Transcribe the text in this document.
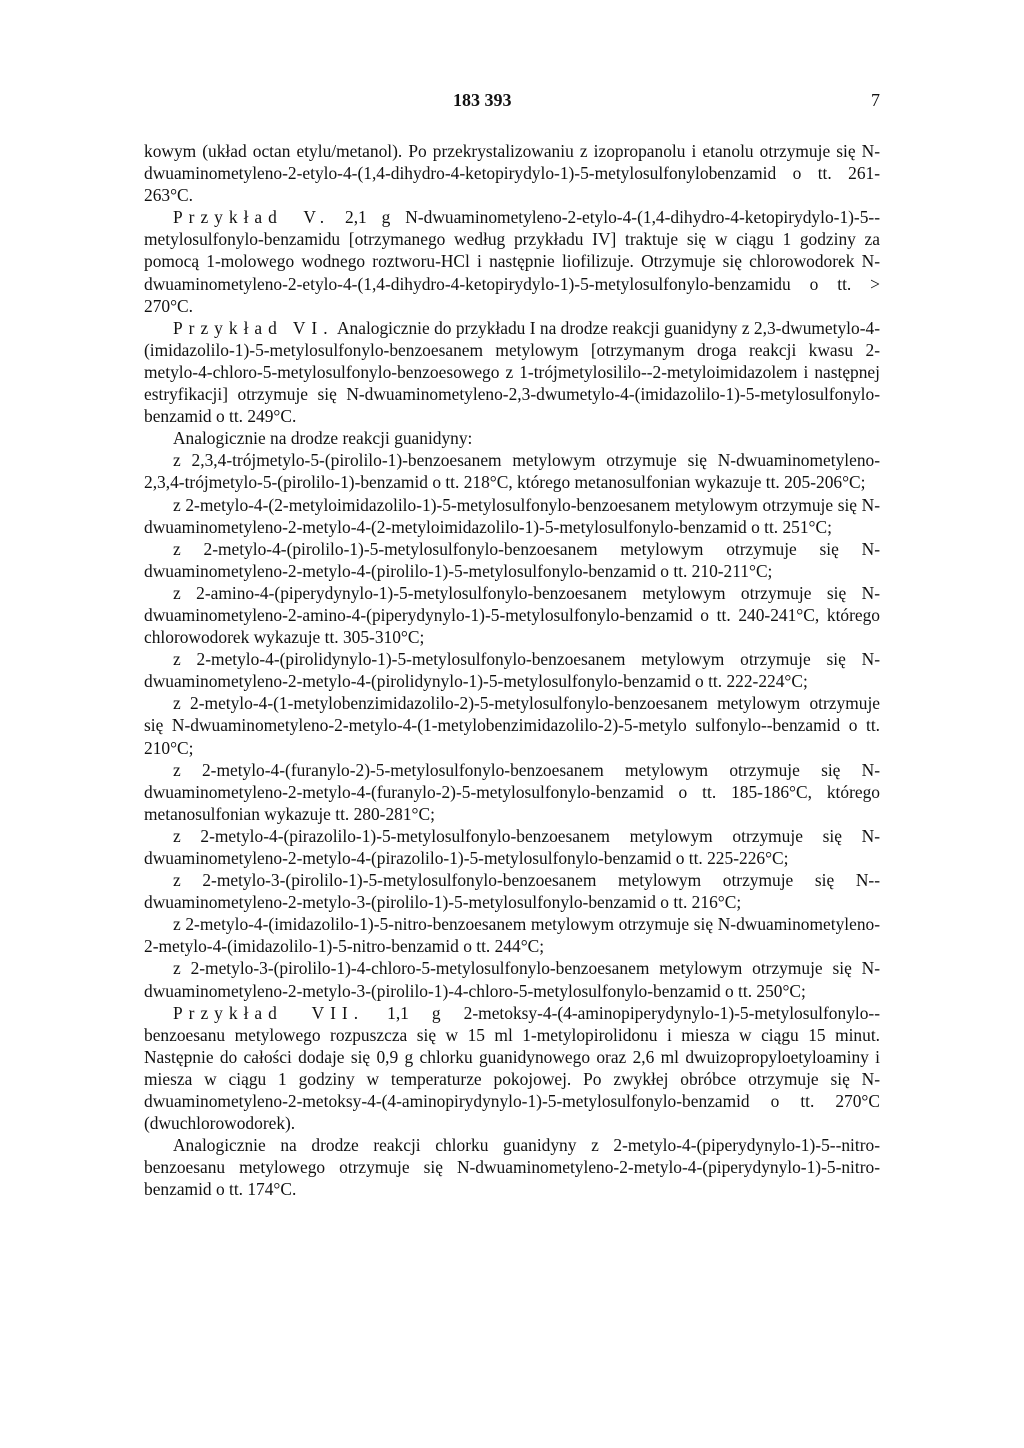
183 393	7

kowym (układ octan etylu/metanol). Po przekrystalizowaniu z izopropanolu i etanolu otrzymuje się N-dwuaminometyleno-2-etylo-4-(1,4-dihydro-4-ketopirydylo-1)-5-metylosulfonylobenzamid o tt. 261-263°C.

Przykład V. 2,1 g N-dwuaminometyleno-2-etylo-4-(1,4-dihydro-4-ketopirydylo-1)-5--metylosulfonylo-benzamidu [otrzymanego według przykładu IV] traktuje się w ciągu 1 godziny za pomocą 1-molowego wodnego roztworu-HCl i następnie liofilizuje. Otrzymuje się chlorowodorek N-dwuaminometyleno-2-etylo-4-(1,4-dihydro-4-ketopirydylo-1)-5-metylosulfonylo-benzamidu o tt. > 270°C.

Przykład VI. Analogicznie do przykładu I na drodze reakcji guanidyny z 2,3-dwumetylo-4-(imidazolilo-1)-5-metylosulfonylo-benzoesanem metylowym [otrzymanym droga reakcji kwasu 2-metylo-4-chloro-5-metylosulfonylo-benzoesowego z 1-trójmetylosililo--2-metyloimidazolem i następnej estryfikacji] otrzymuje się N-dwuaminometyleno-2,3-dwumetylo-4-(imidazolilo-1)-5-metylosulfonylo-benzamid o tt. 249°C.

Analogicznie na drodze reakcji guanidyny:

z 2,3,4-trójmetylo-5-(pirolilo-1)-benzoesanem metylowym otrzymuje się N-dwuaminometyleno-2,3,4-trójmetylo-5-(pirolilo-1)-benzamid o tt. 218°C, którego metanosulfonian wykazuje tt. 205-206°C;

z 2-metylo-4-(2-metyloimidazolilo-1)-5-metylosulfonylo-benzoesanem metylowym otrzymuje się N-dwuaminometyleno-2-metylo-4-(2-metyloimidazolilo-1)-5-metylosulfonylo-benzamid o tt. 251°C;

z 2-metylo-4-(pirolilo-1)-5-metylosulfonylo-benzoesanem metylowym otrzymuje się N-dwuaminometyleno-2-metylo-4-(pirolilo-1)-5-metylosulfonylo-benzamid o tt. 210-211°C;

z 2-amino-4-(piperydynylo-1)-5-metylosulfonylo-benzoesanem metylowym otrzymuje się N-dwuaminometyleno-2-amino-4-(piperydynylo-1)-5-metylosulfonylo-benzamid o tt. 240-241°C, którego chlorowodorek wykazuje tt. 305-310°C;

z 2-metylo-4-(pirolidynylo-1)-5-metylosulfonylo-benzoesanem metylowym otrzymuje się N-dwuaminometyleno-2-metylo-4-(pirolidynylo-1)-5-metylosulfonylo-benzamid o tt. 222-224°C;

z 2-metylo-4-(1-metylobenzimidazolilo-2)-5-metylosulfonylo-benzoesanem metylowym otrzymuje się N-dwuaminometyleno-2-metylo-4-(1-metylobenzimidazolilo-2)-5-metylo sulfonylo--benzamid o tt. 210°C;

z 2-metylo-4-(furanylo-2)-5-metylosulfonylo-benzoesanem metylowym otrzymuje się N-dwuaminometyleno-2-metylo-4-(furanylo-2)-5-metylosulfonylo-benzamid o tt. 185-186°C, którego metanosulfonian wykazuje tt. 280-281°C;

z 2-metylo-4-(pirazolilo-1)-5-metylosulfonylo-benzoesanem metylowym otrzymuje się N-dwuaminometyleno-2-metylo-4-(pirazolilo-1)-5-metylosulfonylo-benzamid o tt. 225-226°C;

z 2-metylo-3-(pirolilo-1)-5-metylosulfonylo-benzoesanem metylowym otrzymuje się N--dwuaminometyleno-2-metylo-3-(pirolilo-1)-5-metylosulfonylo-benzamid o tt. 216°C;

z 2-metylo-4-(imidazolilo-1)-5-nitro-benzoesanem metylowym otrzymuje się N-dwuaminometyleno-2-metylo-4-(imidazolilo-1)-5-nitro-benzamid o tt. 244°C;

z 2-metylo-3-(pirolilo-1)-4-chloro-5-metylosulfonylo-benzoesanem metylowym otrzymuje się N-dwuaminometyleno-2-metylo-3-(pirolilo-1)-4-chloro-5-metylosulfonylo-benzamid o tt. 250°C;

Przykład VII. 1,1 g 2-metoksy-4-(4-aminopiperydynylo-1)-5-metylosulfonylo--benzoesanu metylowego rozpuszcza się w 15 ml 1-metylopirolidonu i miesza w ciągu 15 minut. Następnie do całości dodaje się 0,9 g chlorku guanidynowego oraz 2,6 ml dwuizopropyloetyloaminy i miesza w ciągu 1 godziny w temperaturze pokojowej. Po zwykłej obróbce otrzymuje się N-dwuaminometyleno-2-metoksy-4-(4-aminopirydynylo-1)-5-metylosulfonylo-benzamid o tt. 270°C (dwuchlorowodorek).

Analogicznie na drodze reakcji chlorku guanidyny z 2-metylo-4-(piperydynylo-1)-5--nitro-benzoesanu metylowego otrzymuje się N-dwuaminometyleno-2-metylo-4-(piperydynylo-1)-5-nitro-benzamid o tt. 174°C.
